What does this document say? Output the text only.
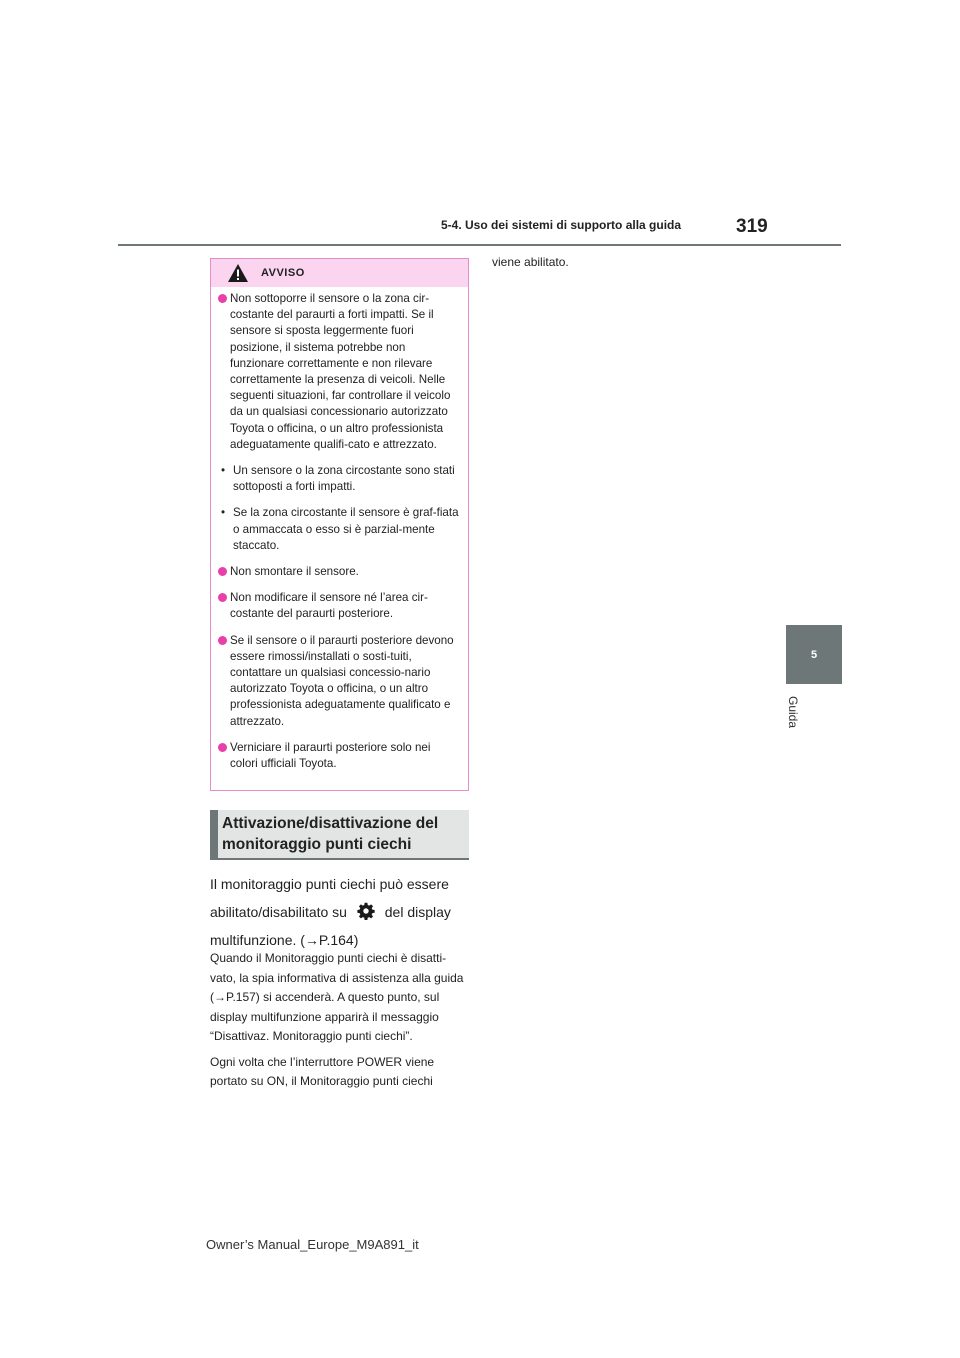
5-4. Uso dei sistemi di supporto alla guida	319
5
Guida
AVVISO
Non sottoporre il sensore o la zona cir-costante del paraurti a forti impatti. Se il sensore si sposta leggermente fuori posizione, il sistema potrebbe non funzionare correttamente e non rilevare correttamente la presenza di veicoli. Nelle seguenti situazioni, far controllare il veicolo da un qualsiasi concessionario autorizzato Toyota o officina, o un altro professionista adeguatamente qualifi-cato e attrezzato.
• Un sensore o la zona circostante sono stati sottoposti a forti impatti.
• Se la zona circostante il sensore è graf-fiata o ammaccata o esso si è parzial-mente staccato.
Non smontare il sensore.
Non modificare il sensore né l’area cir-costante del paraurti posteriore.
Se il sensore o il paraurti posteriore devono essere rimossi/installati o sosti-tuiti, contattare un qualsiasi concessio-nario autorizzato Toyota o officina, o un altro professionista adeguatamente qualificato e attrezzato.
Verniciare il paraurti posteriore solo nei colori ufficiali Toyota.
Attivazione/disattivazione del monitoraggio punti ciechi
Il monitoraggio punti ciechi può essere abilitato/disabilitato su	del display multifunzione. (→P.164)

Quando il Monitoraggio punti ciechi è disatti-vato, la spia informativa di assistenza alla guida (→P.157) si accenderà. A questo punto, sul display multifunzione apparirà il messaggio “Disattivaz. Monitoraggio punti ciechi”.

Ogni volta che l’interruttore POWER viene portato su ON, il Monitoraggio punti ciechi

viene abilitato.
Owner’s Manual_Europe_M9A891_it
